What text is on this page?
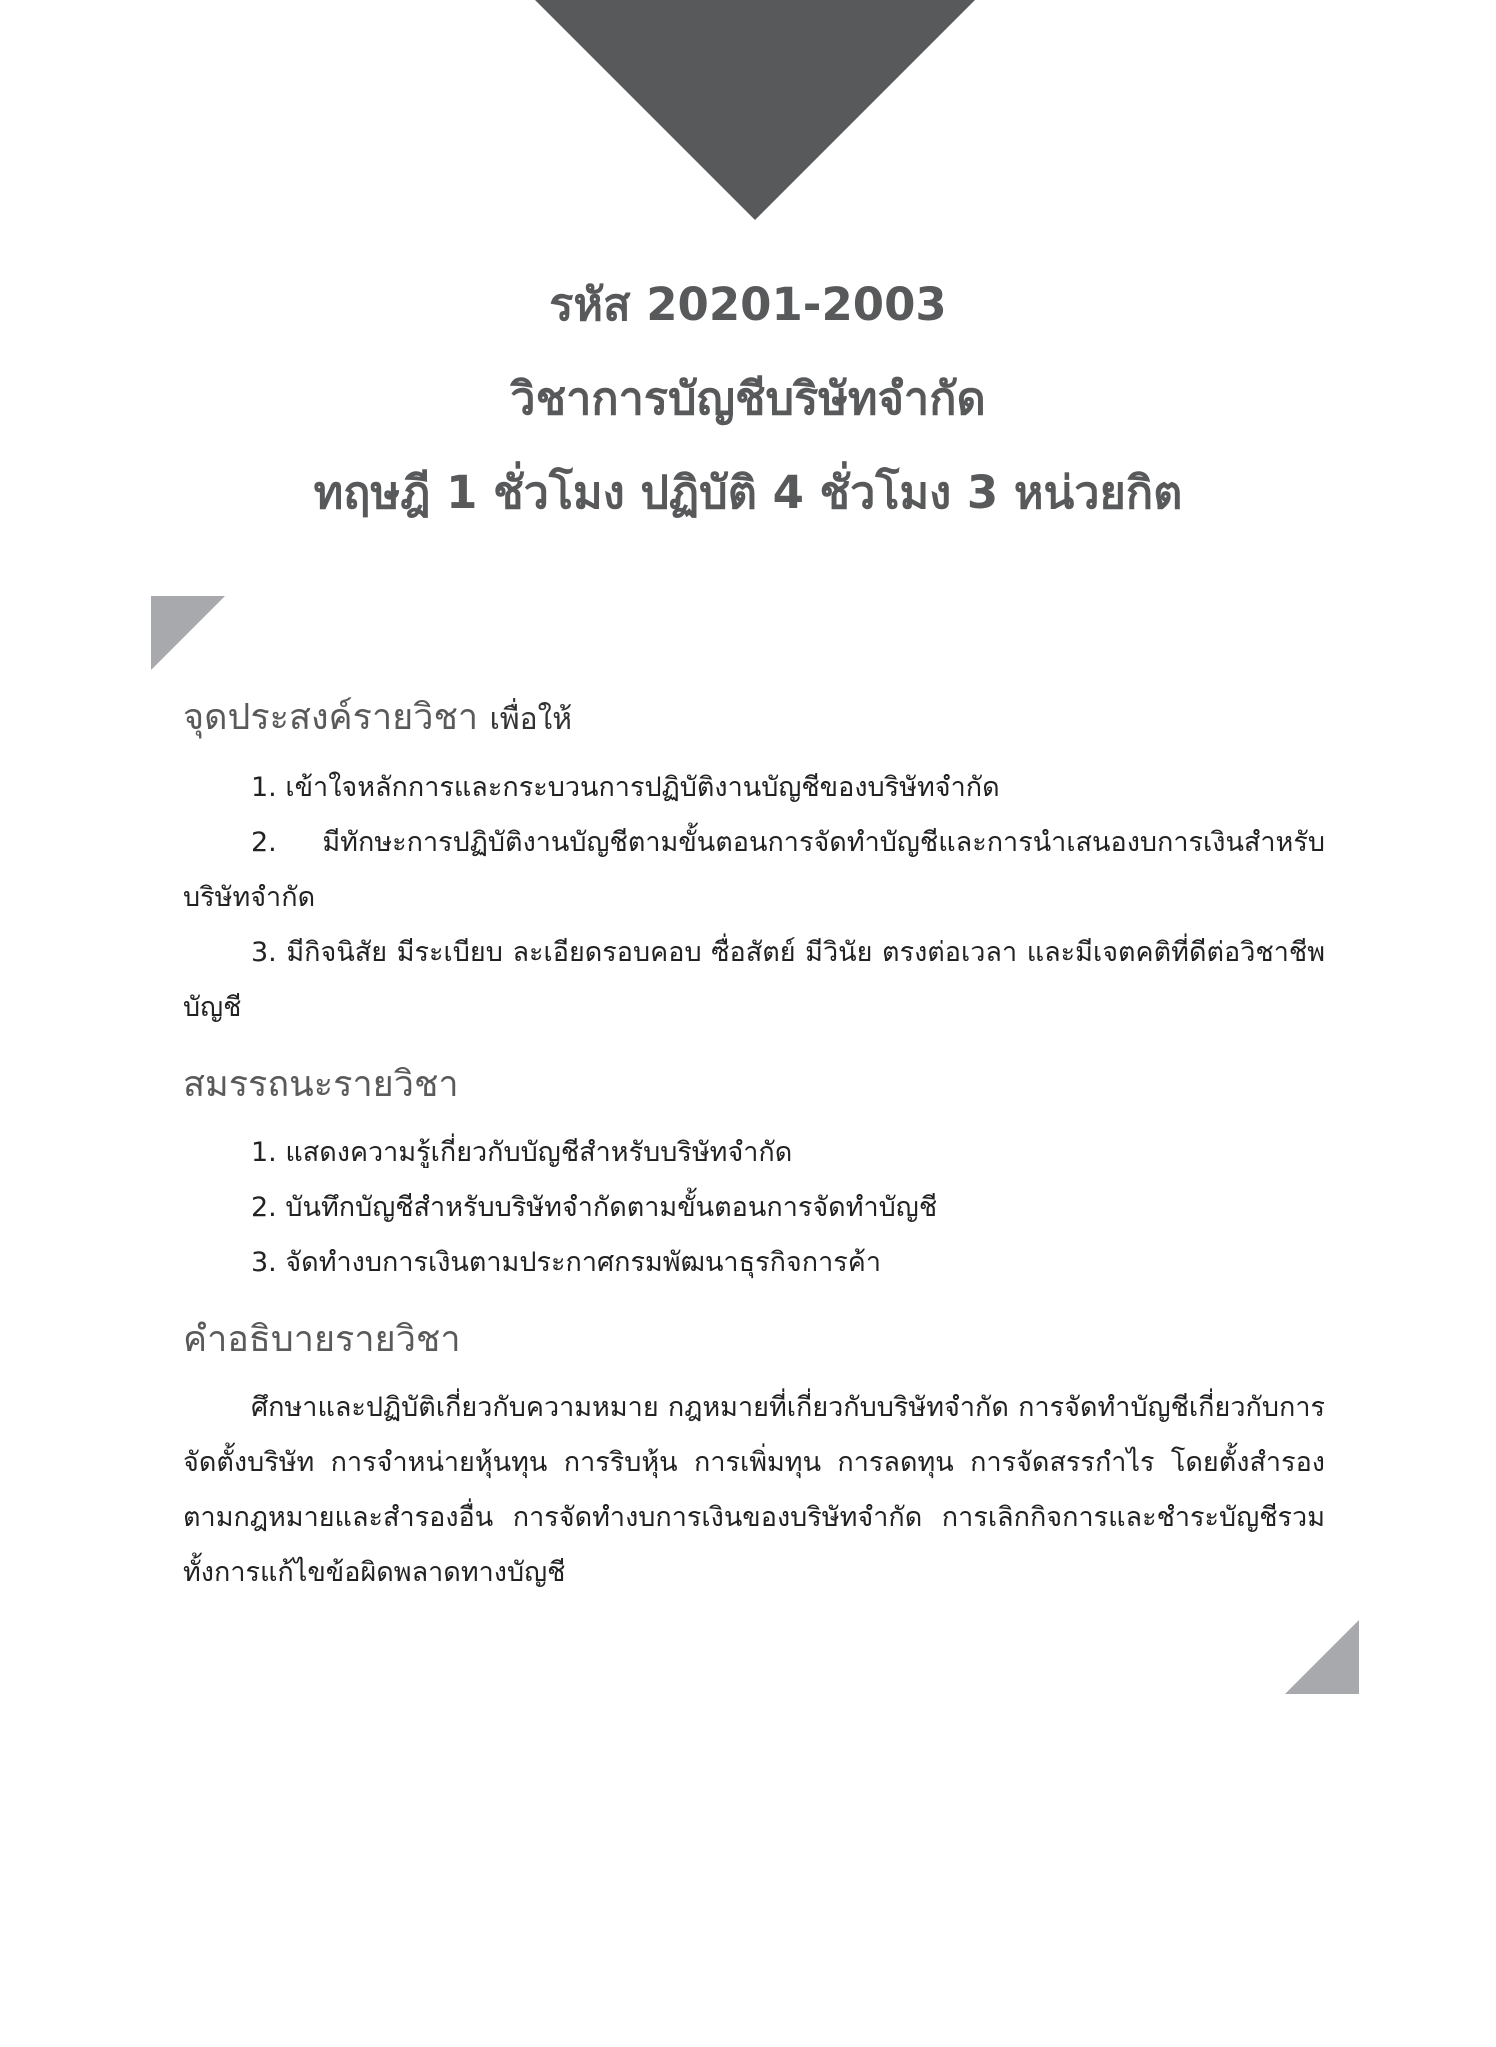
รหัส 20201-2003
วิชาการบัญชีบริษัทจำกัด
ทฤษฎี 1 ชั่วโมง ปฏิบัติ 4 ชั่วโมง 3 หน่วยกิต
จุดประสงค์รายวิชา เพื่อให้

1. เข้าใจหลักการและกระบวนการปฏิบัติงานบัญชีของบริษัทจำกัด

2. มีทักษะการปฏิบัติงานบัญชีตามขั้นตอนการจัดทำบัญชีและการนำเสนองบการเงินสำหรับบริษัทจำกัด

3. มีกิจนิสัย มีระเบียบ ละเอียดรอบคอบ ซื่อสัตย์ มีวินัย ตรงต่อเวลา และมีเจตคติที่ดีต่อวิชาชีพบัญชี

สมรรถนะรายวิชา

1. แสดงความรู้เกี่ยวกับบัญชีสำหรับบริษัทจำกัด

2. บันทึกบัญชีสำหรับบริษัทจำกัดตามขั้นตอนการจัดทำบัญชี

3. จัดทำงบการเงินตามประกาศกรมพัฒนาธุรกิจการค้า

คำอธิบายรายวิชา

ศึกษาและปฏิบัติเกี่ยวกับความหมาย กฎหมายที่เกี่ยวกับบริษัทจำกัด การจัดทำบัญชีเกี่ยวกับการจัดตั้งบริษัท การจำหน่ายหุ้นทุน การริบหุ้น การเพิ่มทุน การลดทุน การจัดสรรกำไร โดยตั้งสำรองตามกฎหมายและสำรองอื่น การจัดทำงบการเงินของบริษัทจำกัด การเลิกกิจการและชำระบัญชีรวมทั้งการแก้ไขข้อผิดพลาดทางบัญชี
